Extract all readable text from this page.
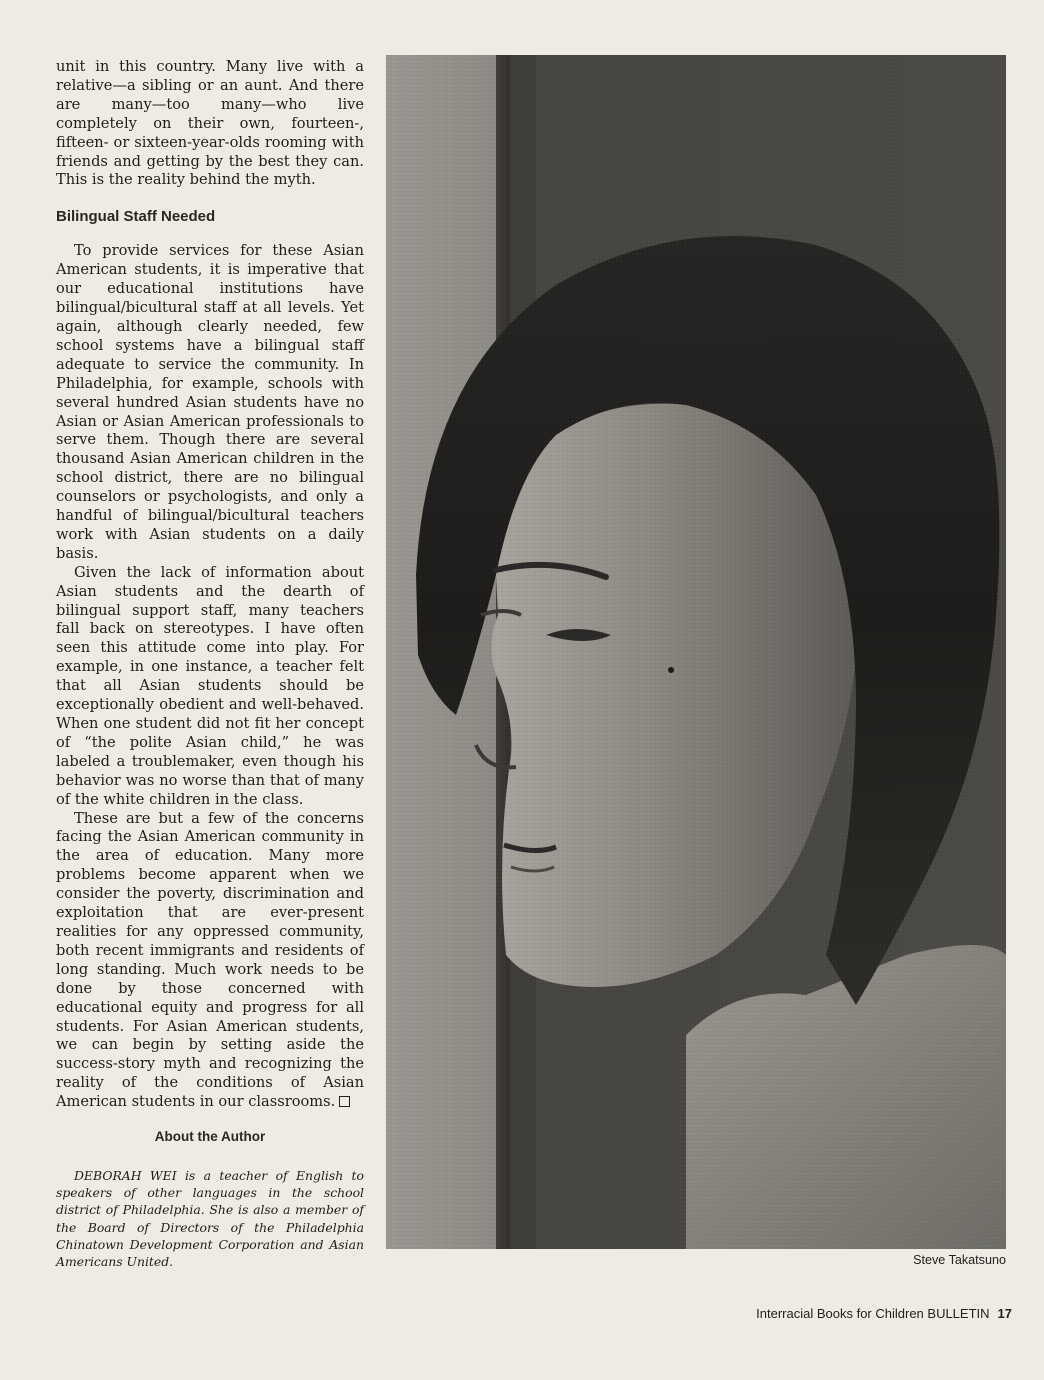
unit in this country. Many live with a relative—a sibling or an aunt. And there are many—too many—who live completely on their own, fourteen-, fifteen- or sixteen-year-olds rooming with friends and getting by the best they can. This is the reality behind the myth.

Bilingual Staff Needed

To provide services for these Asian American students, it is imperative that our educational institutions have bilingual/bicultural staff at all levels. Yet again, although clearly needed, few school systems have a bilingual staff adequate to service the community. In Philadelphia, for example, schools with several hundred Asian students have no Asian or Asian American professionals to serve them. Though there are several thousand Asian American children in the school district, there are no bilingual counselors or psychologists, and only a handful of bilingual/bicultural teachers work with Asian students on a daily basis.

Given the lack of information about Asian students and the dearth of bilingual support staff, many teachers fall back on stereotypes. I have often seen this attitude come into play. For example, in one instance, a teacher felt that all Asian students should be exceptionally obedient and well-behaved. When one student did not fit her concept of “the polite Asian child,” he was labeled a troublemaker, even though his behavior was no worse than that of many of the white children in the class.

These are but a few of the concerns facing the Asian American community in the area of education. Many more problems become apparent when we consider the poverty, discrimination and exploitation that are ever-present realities for any oppressed community, both recent immigrants and residents of long standing. Much work needs to be done by those concerned with educational equity and progress for all students. For Asian American students, we can begin by setting aside the success-story myth and recognizing the reality of the conditions of Asian American students in our classrooms.

About the Author

DEBORAH WEI is a teacher of English to speakers of other languages in the school district of Philadelphia. She is also a member of the Board of Directors of the Philadelphia Chinatown Development Corporation and Asian Americans United.	Steve Takatsuno
Interracial Books for Children BULLETIN 17
